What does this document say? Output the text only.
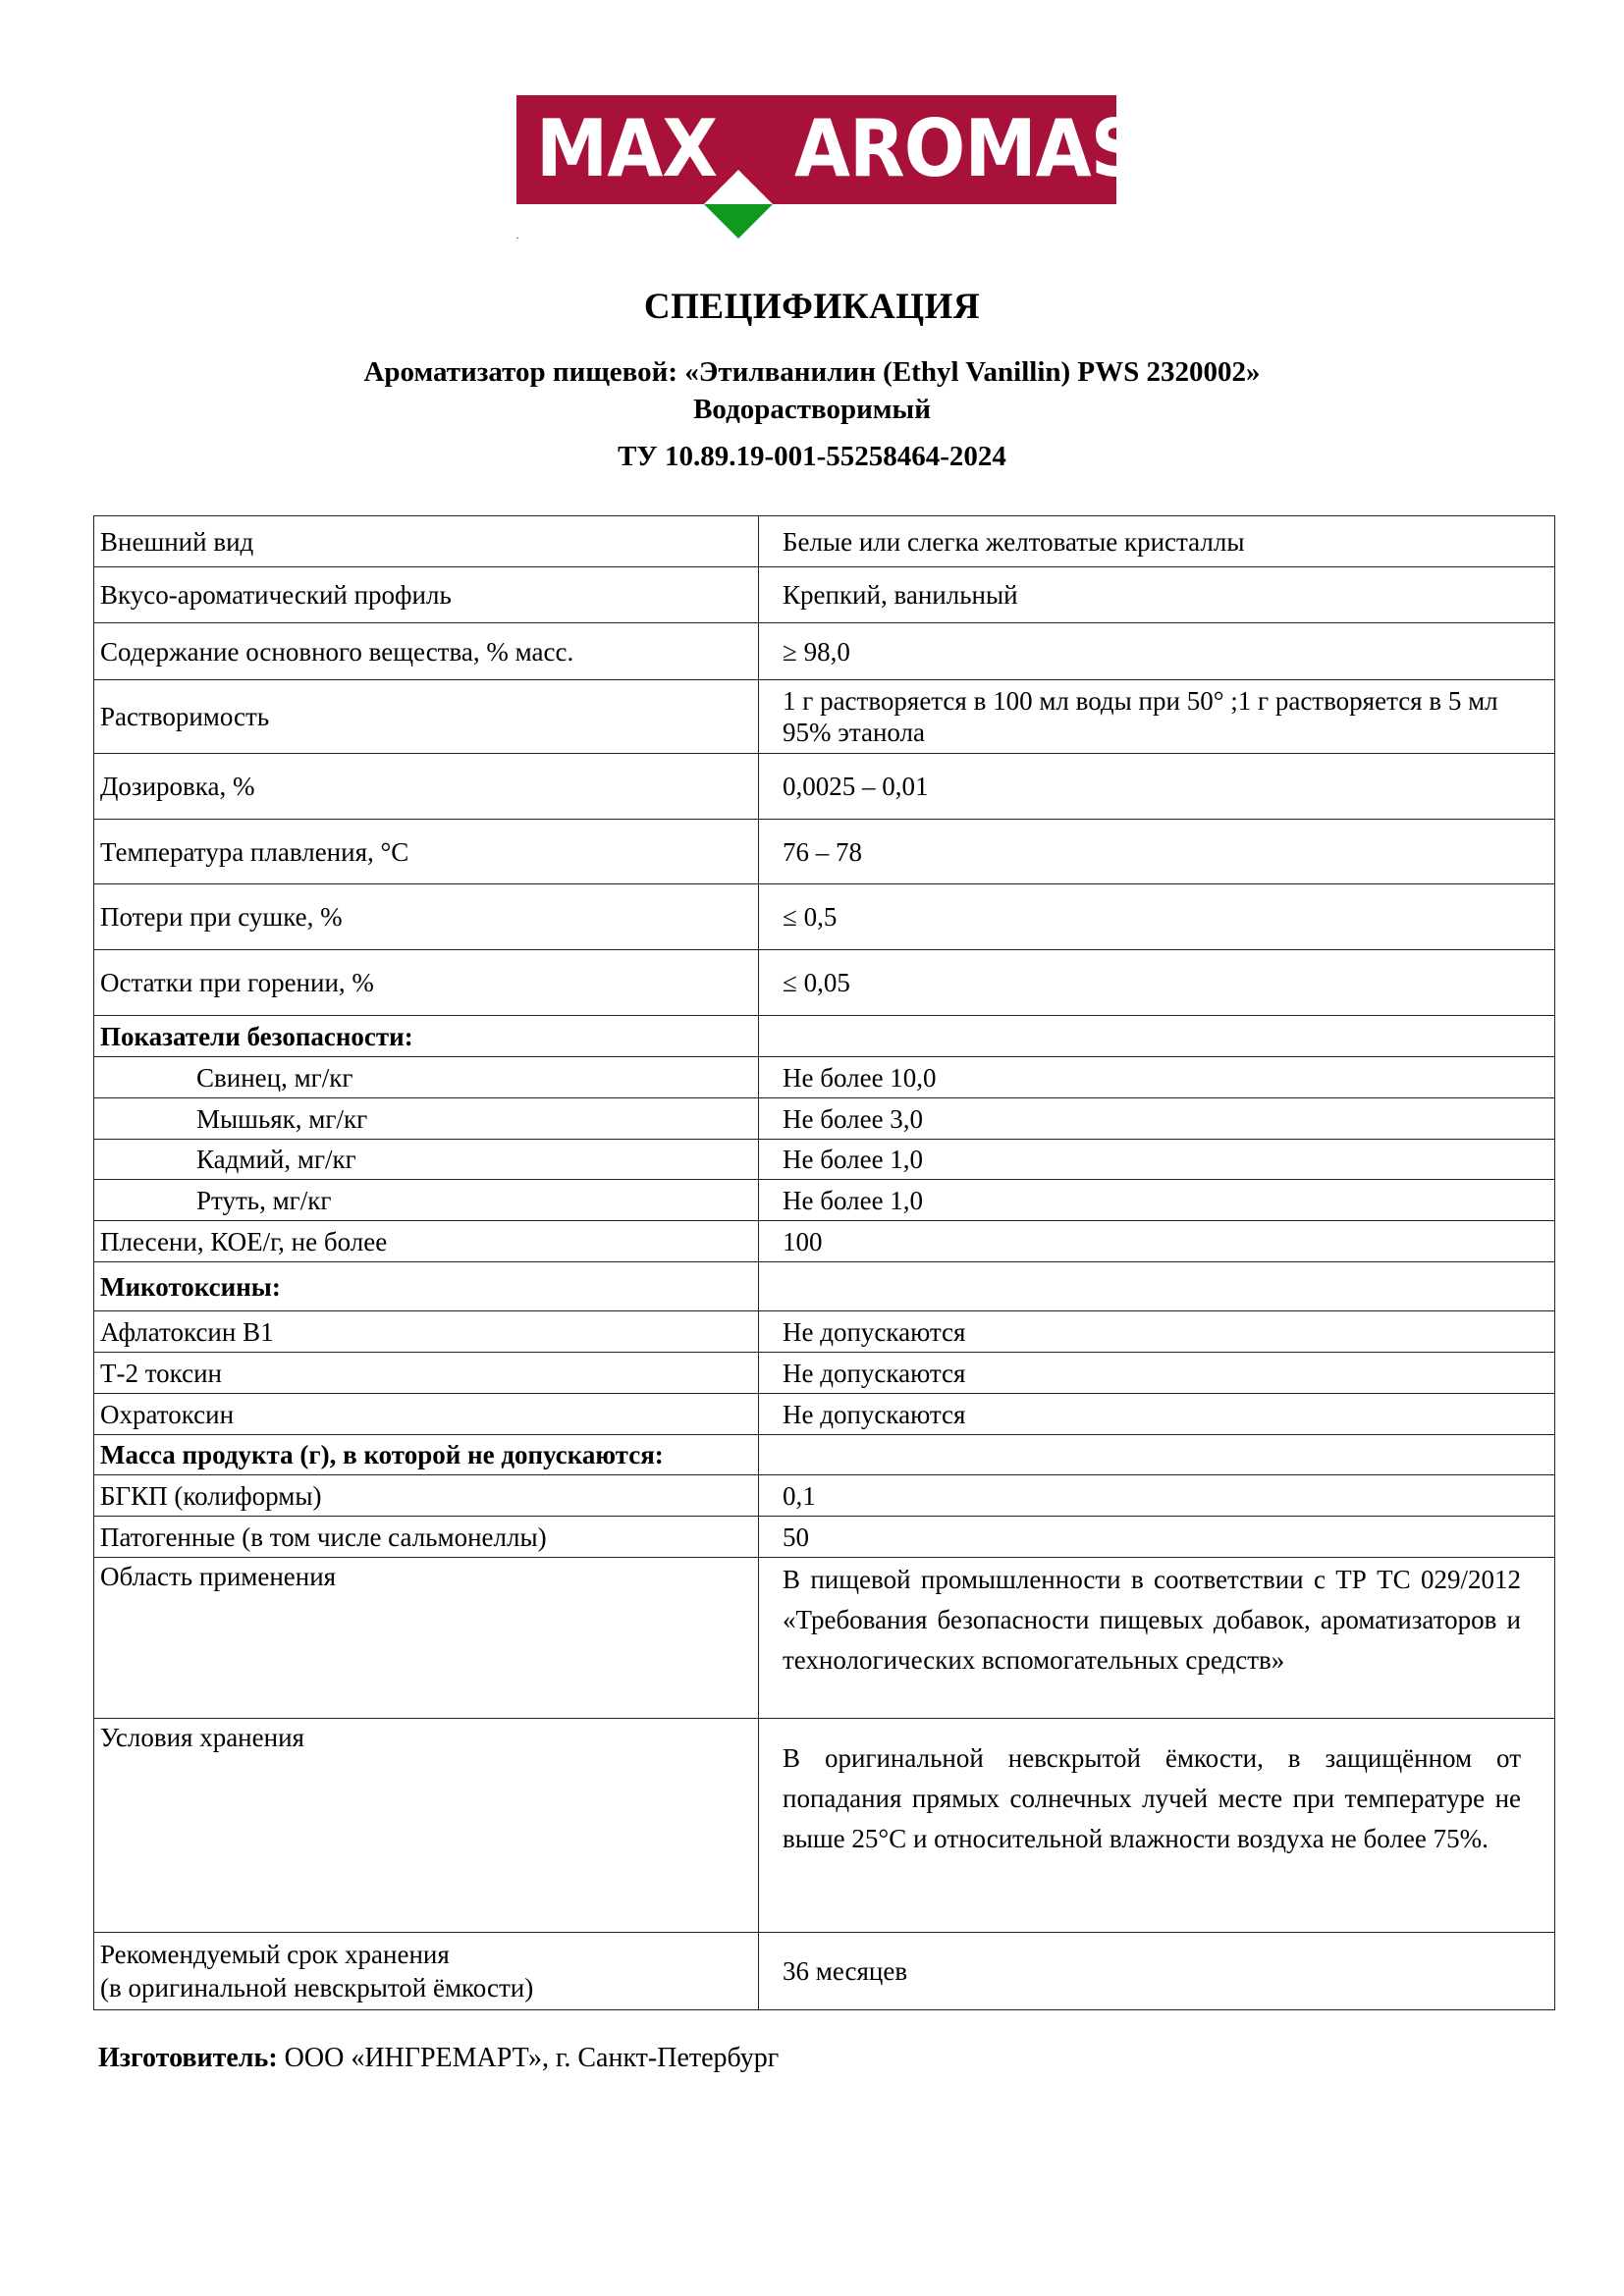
MAX AROMAS
СПЕЦИФИКАЦИЯ
Ароматизатор пищевой: «Этилванилин (Ethyl Vanillin) PWS 2320002»
Водорастворимый
ТУ 10.89.19-001-55258464-2024
Внешний вид	Белые или слегка желтоватые кристаллы
Вкусо-ароматический профиль	Крепкий, ванильный
Содержание основного вещества, % масс.	≥ 98,0
Растворимость	1 г растворяется в 100 мл воды при 50° ;1 г растворяется в 5 мл 95% этанола
Дозировка, %	0,0025 – 0,01
Температура плавления, °С	76 – 78
Потери при сушке, %	≤ 0,5
Остатки при горении, %	≤ 0,05
Показатели безопасности:	
Свинец, мг/кг	Не более 10,0
Мышьяк, мг/кг	Не более 3,0
Кадмий, мг/кг	Не более 1,0
Ртуть, мг/кг	Не более 1,0
Плесени, КОЕ/г, не более	100
Микотоксины:	
Афлатоксин В1	Не допускаются
Т-2 токсин	Не допускаются
Охратоксин	Не допускаются
Масса продукта (г), в которой не допускаются:	
БГКП (колиформы)	0,1
Патогенные (в том числе сальмонеллы)	50
Область применения	В пищевой промышленности в соответствии с ТР ТС 029/2012 «Требования безопасности пищевых добавок, ароматизаторов и технологических вспомогательных средств»
Условия хранения	В оригинальной невскрытой ёмкости, в защищённом от попадания прямых солнечных лучей месте при температуре не выше 25°С и относительной влажности воздуха не более 75%.

Рекомендуемый срок хранения
(в оригинальной невскрытой ёмкости)	36 месяцев
Изготовитель: ООО «ИНГРЕМАРТ», г. Санкт-Петербург
